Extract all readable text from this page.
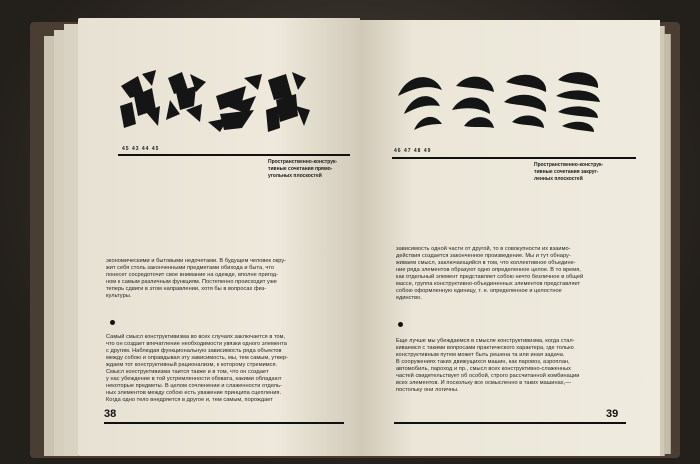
45 43 44 45
Пространственно-конструк-
тивные сочетания прямо-
угольных плоскостей
экономическими и бытовыми недочетами. В будущем человек окру-
жит себя столь законченными предметами обихода и быта, что
понесет сосредоточит свое внимание на одежде, вполне пригод-
ном к самым различным функциям. Постепенно происходит уже
теперь сдвиги в этом направлении, хотя бы в вопросах физ-
культуры.
Самый смысл конструктивизма во всех случаях заключается в том,
что он создает впечатление необходимости увязки одного элемента
с другим. Наблюдая функциональную зависимость ряда объектов
между собою и оправдывая эту зависимость, мы, тем самым, утвер-
ждаем тот конструктивный рационализм, к которому стремимся.
Смысл конструктивизма таится также и в том, что он создает
у нас убеждение в той устремленности обхвата, какими обладают
некоторые предметы. В целом сочленении и слаженности отдель-
ных элементов между собою есть уважение принципа сцепления.
Когда одно тело внедряется в другое и, тем самым, порождает
38
46 47 48 49
Пространственно-конструк-
тивные сочетания закруг-
ленных плоскостей
зависимость одной части от другой, то в совокупности их взаимо-
действия создается законченное произведение. Мы и тут обнару-
живаем смысл, заключающийся в том, что коллективное объедине-
ние ряда элементов образуют одно определенное целое. В то время,
как отдельный элемент представляет собою нечто безличное в общей
массе, группа конструктивно-объединенных элементов представляет
собою оформленную единицу, т. е. определенное и целостное
единство.
Еще лучше мы убеждаемся в смысле конструктивизма, когда стал-
киваемся с такими вопросами практического характера, где только
конструктивным путем может быть решена та или иная задача.
В сооружениях таких движущихся машин, как паровоз, аэроплан,
автомобиль, пароход и пр., смысл всех конструктивно-слаженных
частей свидетельствует об особой, строго рассчитанной комбинации
всех элементов. И поскольку все осмысленно в таких машинах,—
постольку они логичны.
39
